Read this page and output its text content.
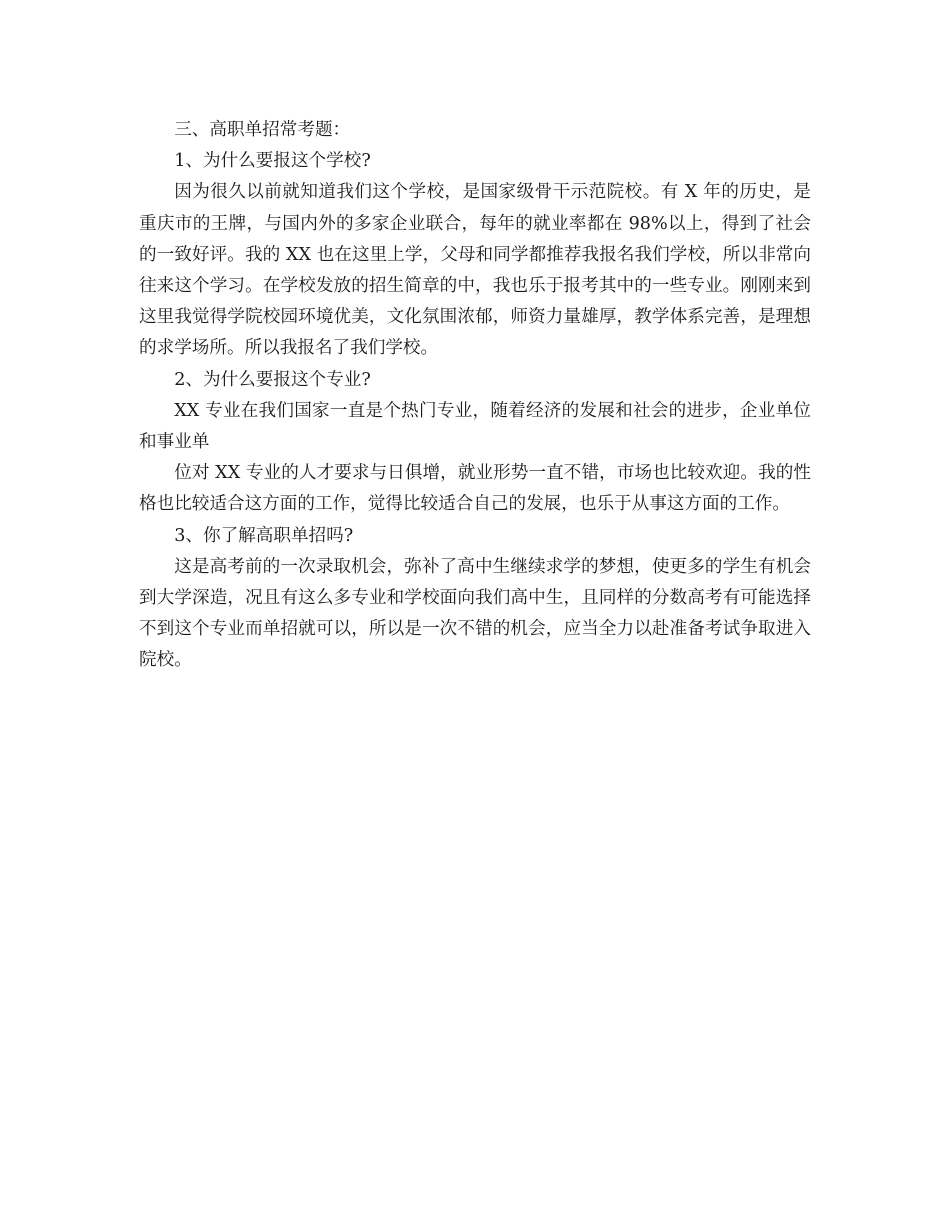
三、高职单招常考题：

1、为什么要报这个学校?

因为很久以前就知道我们这个学校，是国家级骨干示范院校。有 X 年的历史，是重庆市的王牌，与国内外的多家企业联合，每年的就业率都在 98%以上，得到了社会的一致好评。我的 XX 也在这里上学，父母和同学都推荐我报名我们学校，所以非常向往来这个学习。在学校发放的招生简章的中，我也乐于报考其中的一些专业。刚刚来到这里我觉得学院校园环境优美，文化氛围浓郁，师资力量雄厚，教学体系完善，是理想的求学场所。所以我报名了我们学校。

2、为什么要报这个专业?

XX 专业在我们国家一直是个热门专业，随着经济的发展和社会的进步，企业单位和事业单

位对 XX 专业的人才要求与日俱增，就业形势一直不错，市场也比较欢迎。我的性格也比较适合这方面的工作，觉得比较适合自己的发展，也乐于从事这方面的工作。

3、你了解高职单招吗?

这是高考前的一次录取机会，弥补了高中生继续求学的梦想，使更多的学生有机会到大学深造，况且有这么多专业和学校面向我们高中生，且同样的分数高考有可能选择不到这个专业而单招就可以，所以是一次不错的机会，应当全力以赴准备考试争取进入院校。
